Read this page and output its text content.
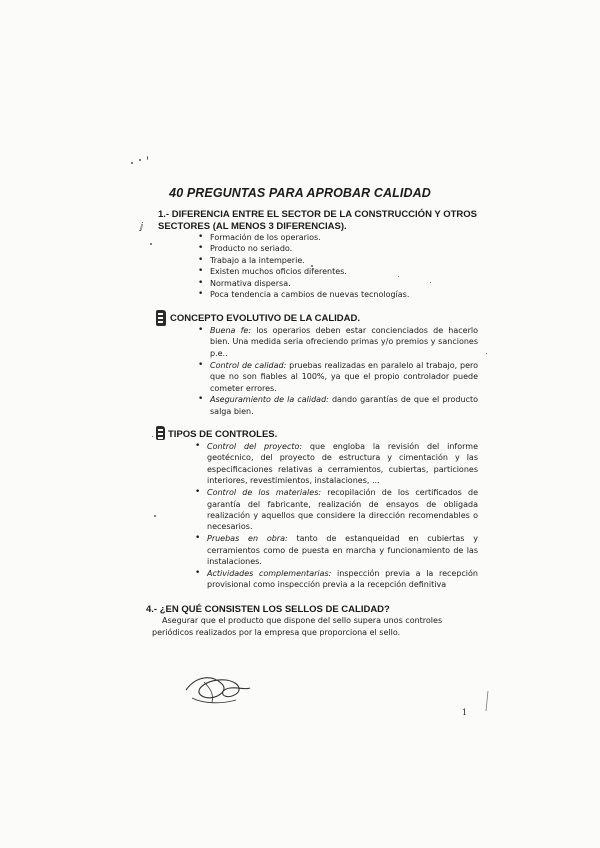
ⅉ
40 PREGUNTAS PARA APROBAR CALIDAD
1.- DIFERENCIA ENTRE EL SECTOR DE LA CONSTRUCCIÓN Y OTROS SECTORES (AL MENOS 3 DIFERENCIAS).
• Formación de los operarios.
• Producto no seriado.
• Trabajo a la intemperie.
• Existen muchos oficios diferentes.
• Normativa dispersa.
• Poca tendencia a cambios de nuevas tecnologías.
CONCEPTO EVOLUTIVO DE LA CALIDAD.
• Buena fe: los operarios deben estar concienciados de hacerlo bien. Una medida seria ofreciendo primas y/o premios y sanciones p.e..
• Control de calidad: pruebas realizadas en paralelo al trabajo, pero que no son fiables al 100%, ya que el propio controlador puede cometer errores.
• Aseguramiento de la calidad: dando garantías de que el producto salga bien.
TIPOS DE CONTROLES.
• Control del proyecto: que engloba la revisión del informe geotécnico, del proyecto de estructura y cimentación y las especificaciones relativas a cerramientos, cubiertas, particiones interiores, revestimientos, instalaciones, ...
• Control de los materiales: recopilación de los certificados de garantía del fabricante, realización de ensayos de obligada realización y aquellos que considere la dirección recomendables o necesarios.
• Pruebas en obra: tanto de estanqueidad en cubiertas y cerramientos como de puesta en marcha y funcionamiento de las instalaciones.
• Actividades complementarias: inspección previa a la recepción provisional como inspección previa a la recepción definitiva
4.- ¿EN QUÉ CONSISTEN LOS SELLOS DE CALIDAD?
Asegurar que el producto que dispone del sello supera unos controles periódicos realizados por la empresa que proporciona el sello.
1
